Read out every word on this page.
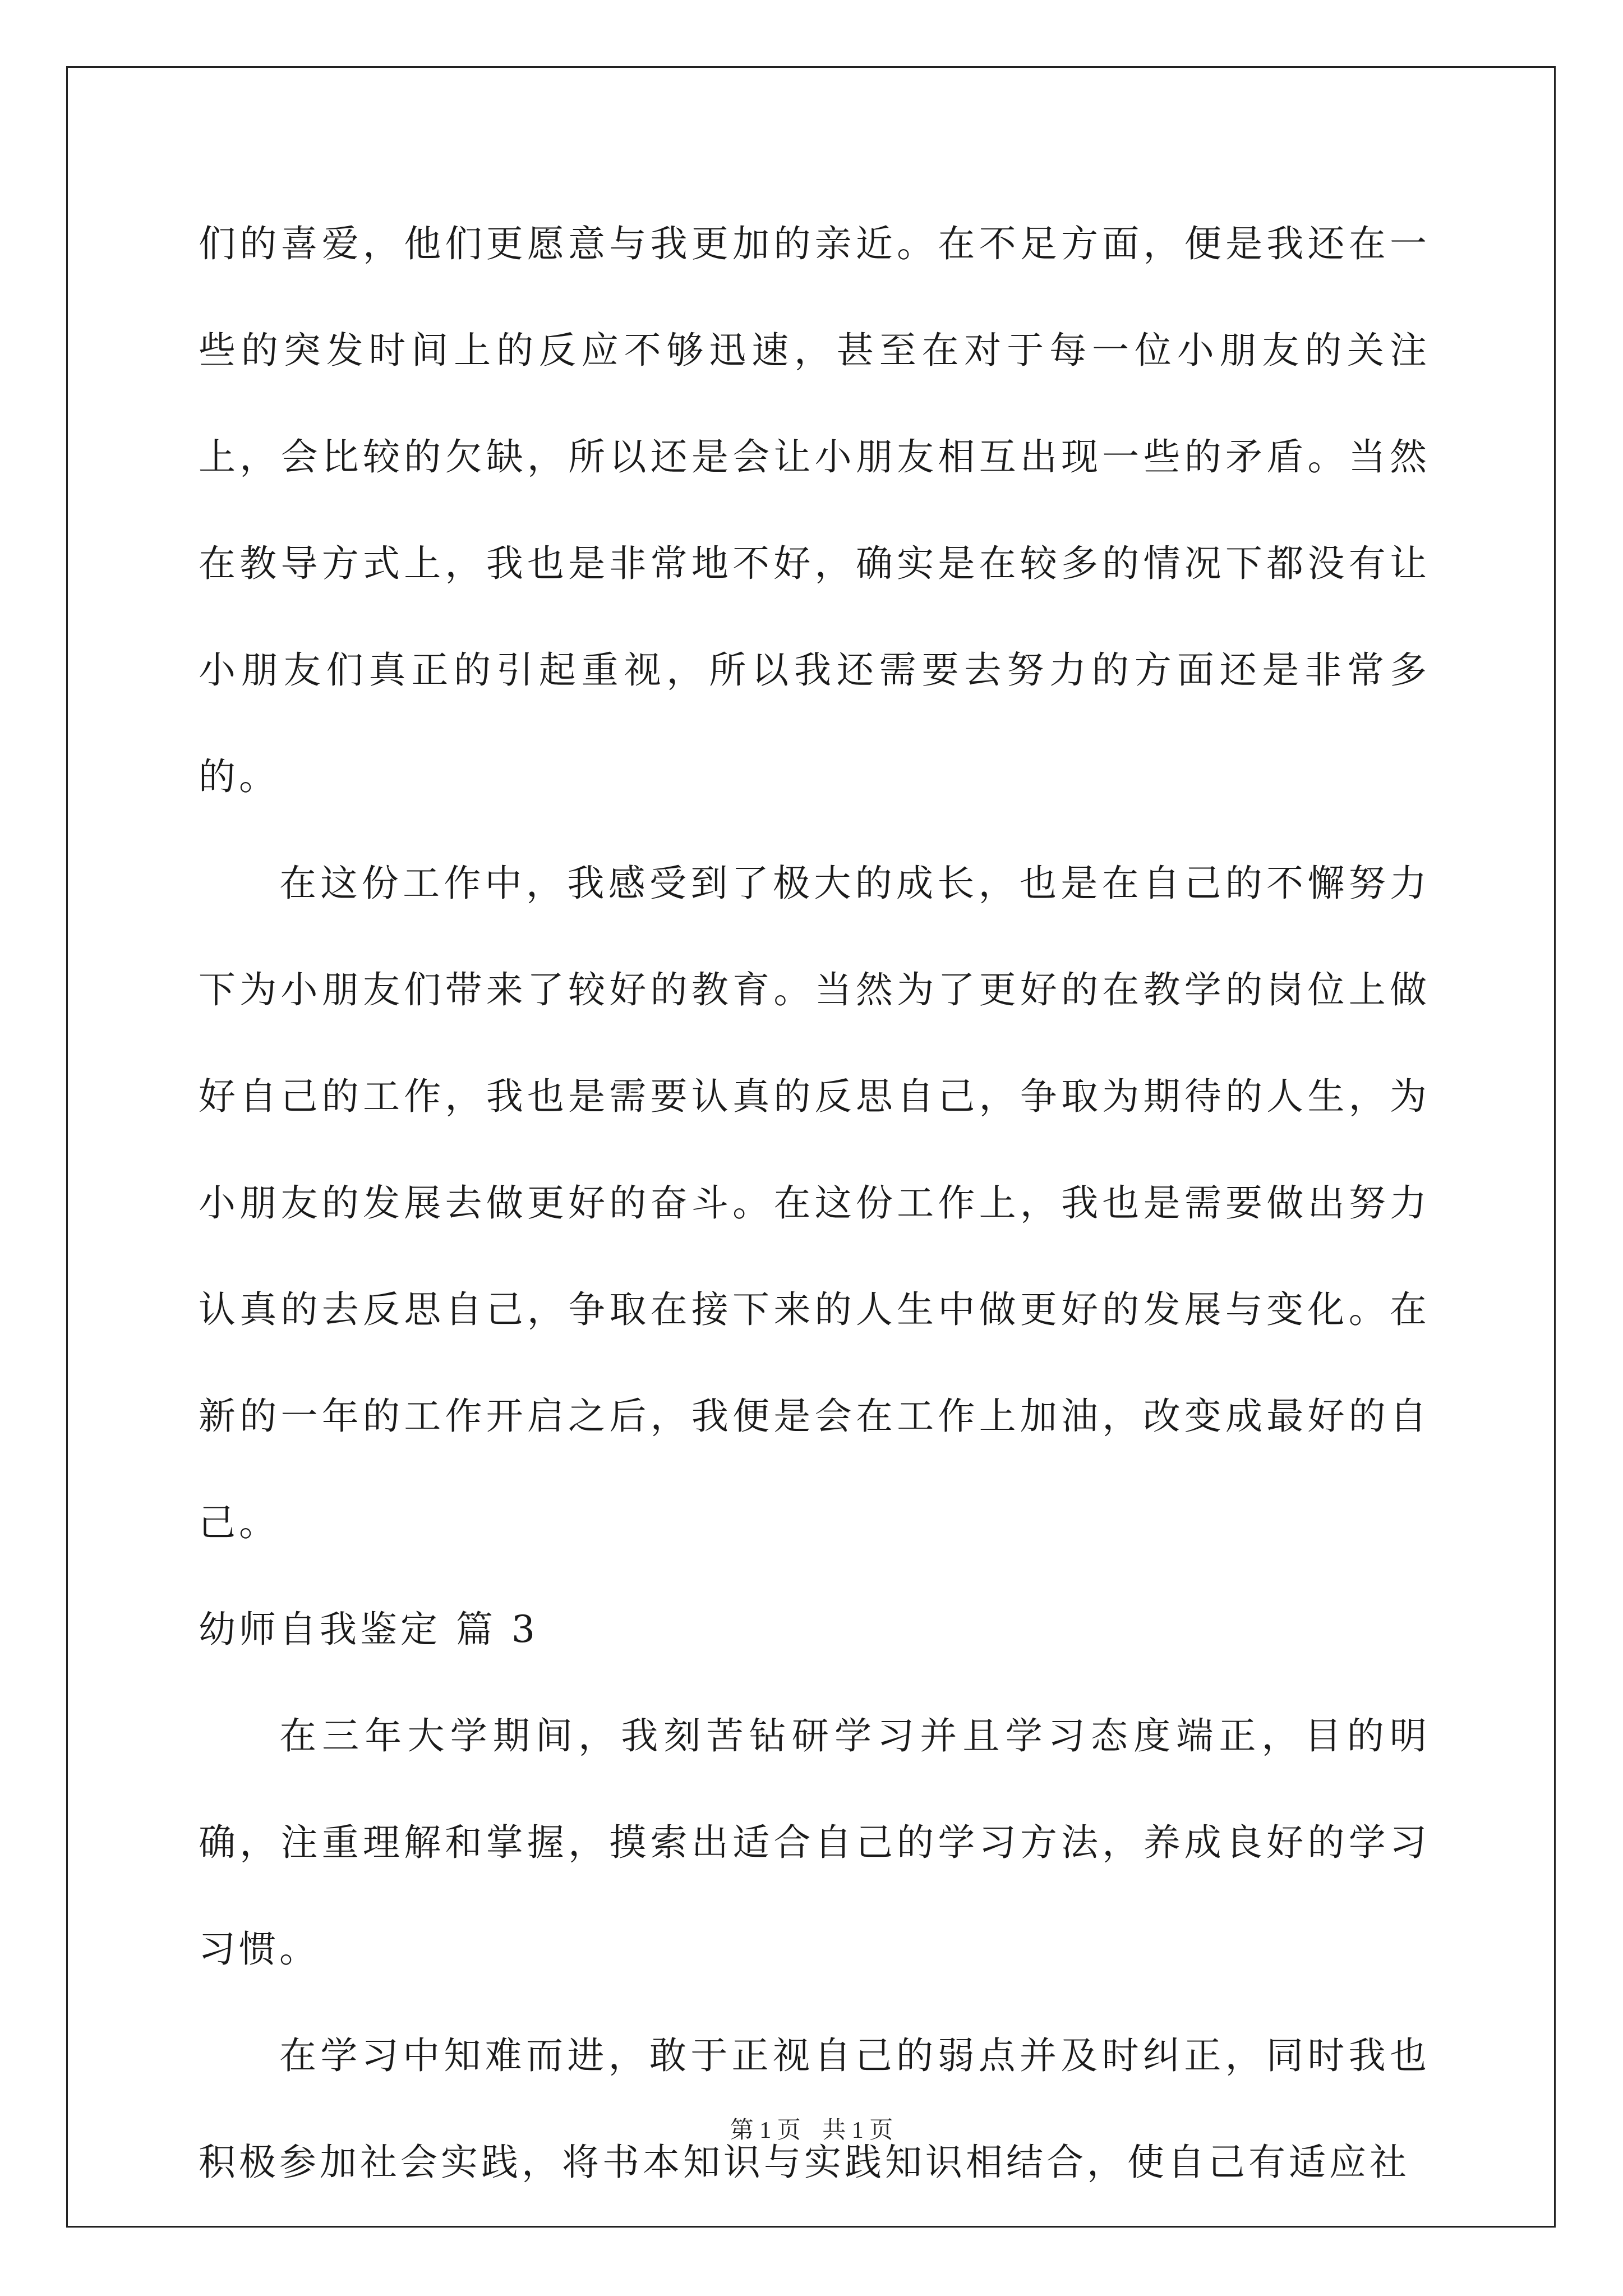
们的喜爱，他们更愿意与我更加的亲近。在不足方面，便是我还在一些的突发时间上的反应不够迅速，甚至在对于每一位小朋友的关注上，会比较的欠缺，所以还是会让小朋友相互出现一些的矛盾。当然在教导方式上，我也是非常地不好，确实是在较多的情况下都没有让小朋友们真正的引起重视，所以我还需要去努力的方面还是非常多的。

在这份工作中，我感受到了极大的成长，也是在自己的不懈努力下为小朋友们带来了较好的教育。当然为了更好的在教学的岗位上做好自己的工作，我也是需要认真的反思自己，争取为期待的人生，为小朋友的发展去做更好的奋斗。在这份工作上，我也是需要做出努力认真的去反思自己，争取在接下来的人生中做更好的发展与变化。在新的一年的工作开启之后，我便是会在工作上加油，改变成最好的自己。

幼师自我鉴定 篇 3

在三年大学期间，我刻苦钻研学习并且学习态度端正，目的明确，注重理解和掌握，摸索出适合自己的学习方法，养成良好的学习习惯。

在学习中知难而进，敢于正视自己的弱点并及时纠正，同时我也积极参加社会实践，将书本知识与实践知识相结合，使自己有适应社

第 1 页 共 1 页
